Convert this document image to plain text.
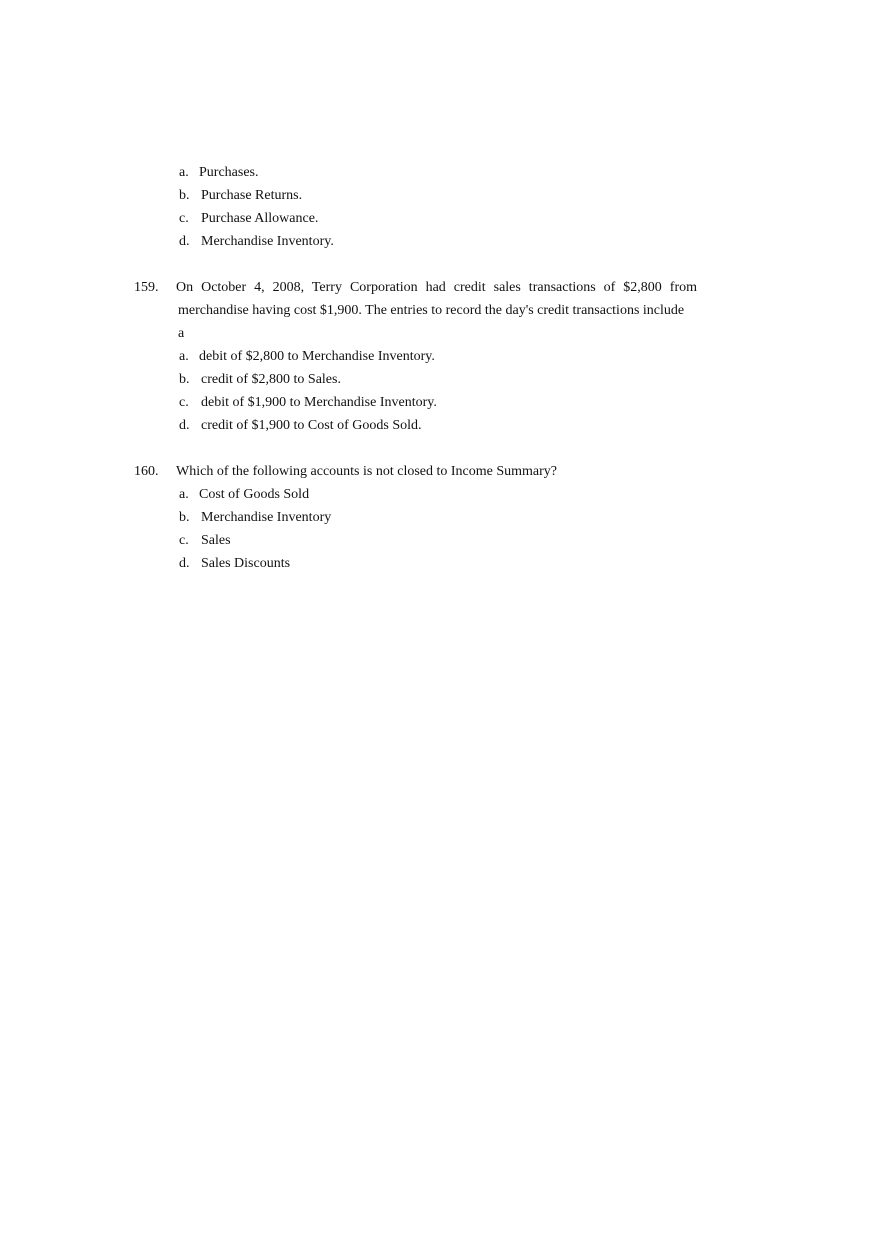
a. Purchases.
b. Purchase Returns.
c. Purchase Allowance.
d. Merchandise Inventory.
159. On October 4, 2008, Terry Corporation had credit sales transactions of $2,800 from
merchandise having cost $1,900. The entries to record the day's credit transactions include
a
a. debit of $2,800 to Merchandise Inventory.
b. credit of $2,800 to Sales.
c. debit of $1,900 to Merchandise Inventory.
d. credit of $1,900 to Cost of Goods Sold.
160. Which of the following accounts is not closed to Income Summary?
a. Cost of Goods Sold
b. Merchandise Inventory
c. Sales
d. Sales Discounts
